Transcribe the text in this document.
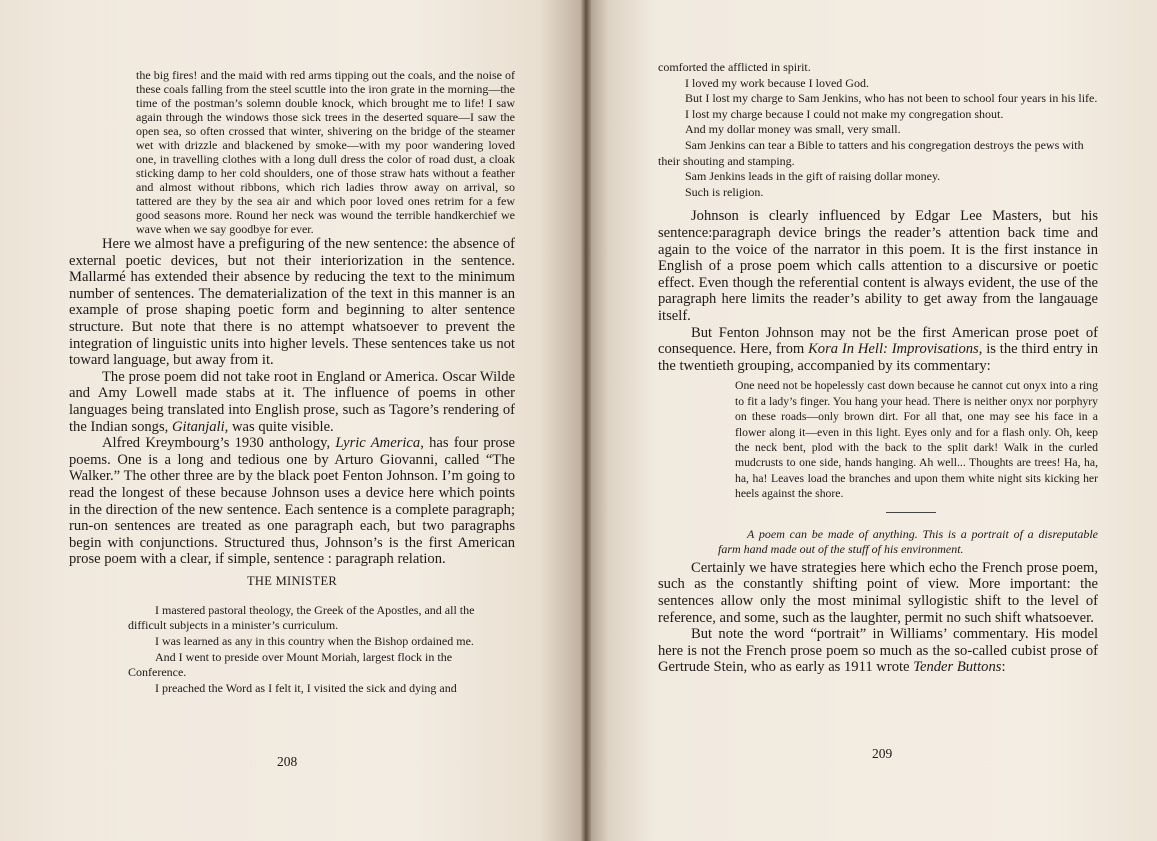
the big fires! and the maid with red arms tipping out the coals, and the noise of these coals falling from the steel scuttle into the iron grate in the morning—the time of the postman’s solemn double knock, which brought me to life! I saw again through the windows those sick trees in the deserted square—I saw the open sea, so often crossed that winter, shivering on the bridge of the steamer wet with drizzle and blackened by smoke—with my poor wandering loved one, in travelling clothes with a long dull dress the color of road dust, a cloak sticking damp to her cold shoulders, one of those straw hats without a feather and almost without ribbons, which rich ladies throw away on arrival, so tattered are they by the sea air and which poor loved ones retrim for a few good seasons more. Round her neck was wound the terrible handkerchief we wave when we say goodbye for ever.

Here we almost have a prefiguring of the new sentence: the absence of external poetic devices, but not their interiorization in the sentence. Mallarmé has extended their absence by reducing the text to the minimum number of sentences. The dematerialization of the text in this manner is an example of prose shaping poetic form and beginning to alter sentence structure. But note that there is no attempt whatsoever to prevent the integration of linguistic units into higher levels. These sentences take us not toward language, but away from it.

The prose poem did not take root in England or America. Oscar Wilde and Amy Lowell made stabs at it. The influence of poems in other languages being translated into English prose, such as Tagore’s rendering of the Indian songs, Gitanjali, was quite visible.

Alfred Kreymbourg’s 1930 anthology, Lyric America, has four prose poems. One is a long and tedious one by Arturo Giovanni, called “The Walker.” The other three are by the black poet Fenton Johnson. I’m going to read the longest of these because Johnson uses a device here which points in the direction of the new sentence. Each sentence is a complete paragraph; run-on sentences are treated as one paragraph each, but two paragraphs begin with conjunctions. Structured thus, Johnson’s is the first American prose poem with a clear, if simple, sentence : paragraph relation.

THE MINISTER

I mastered pastoral theology, the Greek of the Apostles, and all the difficult subjects in a minister’s curriculum.

I was learned as any in this country when the Bishop ordained me.

And I went to preside over Mount Moriah, largest flock in the Conference.

I preached the Word as I felt it, I visited the sick and dying and

208

comforted the afflicted in spirit.

I loved my work because I loved God.

But I lost my charge to Sam Jenkins, who has not been to school four years in his life.

I lost my charge because I could not make my congregation shout.

And my dollar money was small, very small.

Sam Jenkins can tear a Bible to tatters and his congregation destroys the pews with their shouting and stamping.

Sam Jenkins leads in the gift of raising dollar money.

Such is religion.

Johnson is clearly influenced by Edgar Lee Masters, but his sentence:paragraph device brings the reader’s attention back time and again to the voice of the narrator in this poem. It is the first instance in English of a prose poem which calls attention to a discursive or poetic effect. Even though the referential content is always evident, the use of the paragraph here limits the reader’s ability to get away from the langauage itself.

But Fenton Johnson may not be the first American prose poet of consequence. Here, from Kora In Hell: Improvisations, is the third entry in the twentieth grouping, accompanied by its commentary:

One need not be hopelessly cast down because he cannot cut onyx into a ring to fit a lady’s finger. You hang your head. There is neither onyx nor porphyry on these roads—only brown dirt. For all that, one may see his face in a flower along it—even in this light. Eyes only and for a flash only. Oh, keep the neck bent, plod with the back to the split dark! Walk in the curled mudcrusts to one side, hands hanging. Ah well... Thoughts are trees! Ha, ha, ha, ha! Leaves load the branches and upon them white night sits kicking her heels against the shore.

A poem can be made of anything. This is a portrait of a disreputable farm hand made out of the stuff of his environment.

Certainly we have strategies here which echo the French prose poem, such as the constantly shifting point of view. More important: the sentences allow only the most minimal syllogistic shift to the level of reference, and some, such as the laughter, permit no such shift whatsoever.

But note the word “portrait” in Williams’ commentary. His model here is not the French prose poem so much as the so-called cubist prose of Gertrude Stein, who as early as 1911 wrote Tender Buttons:

209
